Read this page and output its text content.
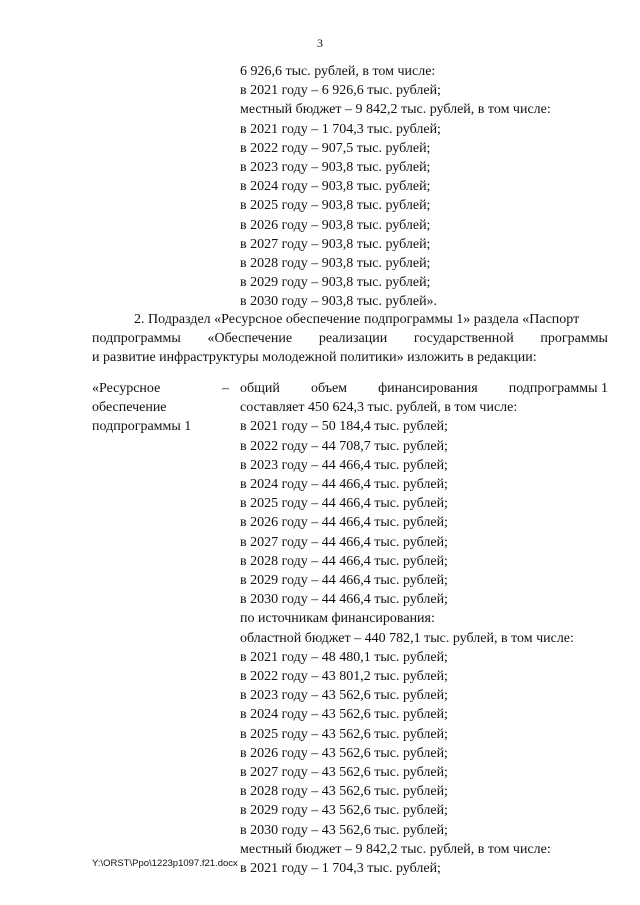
3
6 926,6 тыс. рублей, в том числе:
в 2021 году – 6 926,6 тыс. рублей;
местный бюджет – 9 842,2 тыс. рублей, в том числе:
в 2021 году – 1 704,3 тыс. рублей;
в 2022 году – 907,5 тыс. рублей;
в 2023 году – 903,8 тыс. рублей;
в 2024 году – 903,8 тыс. рублей;
в 2025 году – 903,8 тыс. рублей;
в 2026 году – 903,8 тыс. рублей;
в 2027 году – 903,8 тыс. рублей;
в 2028 году – 903,8 тыс. рублей;
в 2029 году – 903,8 тыс. рублей;
в 2030 году – 903,8 тыс. рублей».
2. Подраздел «Ресурсное обеспечение подпрограммы 1» раздела «Паспорт
подпрограммы «Обеспечение реализации государственной программы
и развитие инфраструктуры молодежной политики» изложить в редакции:
«Ресурсное
обеспечение
подпрограммы 1
– общий объем финансирования подпрограммы 1
составляет 450 624,3 тыс. рублей, в том числе:
в 2021 году – 50 184,4 тыс. рублей;
в 2022 году – 44 708,7 тыс. рублей;
в 2023 году – 44 466,4 тыс. рублей;
в 2024 году – 44 466,4 тыс. рублей;
в 2025 году – 44 466,4 тыс. рублей;
в 2026 году – 44 466,4 тыс. рублей;
в 2027 году – 44 466,4 тыс. рублей;
в 2028 году – 44 466,4 тыс. рублей;
в 2029 году – 44 466,4 тыс. рублей;
в 2030 году – 44 466,4 тыс. рублей;
по источникам финансирования:
областной бюджет – 440 782,1 тыс. рублей, в том числе:
в 2021 году – 48 480,1 тыс. рублей;
в 2022 году – 43 801,2 тыс. рублей;
в 2023 году – 43 562,6 тыс. рублей;
в 2024 году – 43 562,6 тыс. рублей;
в 2025 году – 43 562,6 тыс. рублей;
в 2026 году – 43 562,6 тыс. рублей;
в 2027 году – 43 562,6 тыс. рублей;
в 2028 году – 43 562,6 тыс. рублей;
в 2029 году – 43 562,6 тыс. рублей;
в 2030 году – 43 562,6 тыс. рублей;
местный бюджет – 9 842,2 тыс. рублей, в том числе:
в 2021 году – 1 704,3 тыс. рублей;
Y:\ORST\Ppo\1223p1097.f21.docx
